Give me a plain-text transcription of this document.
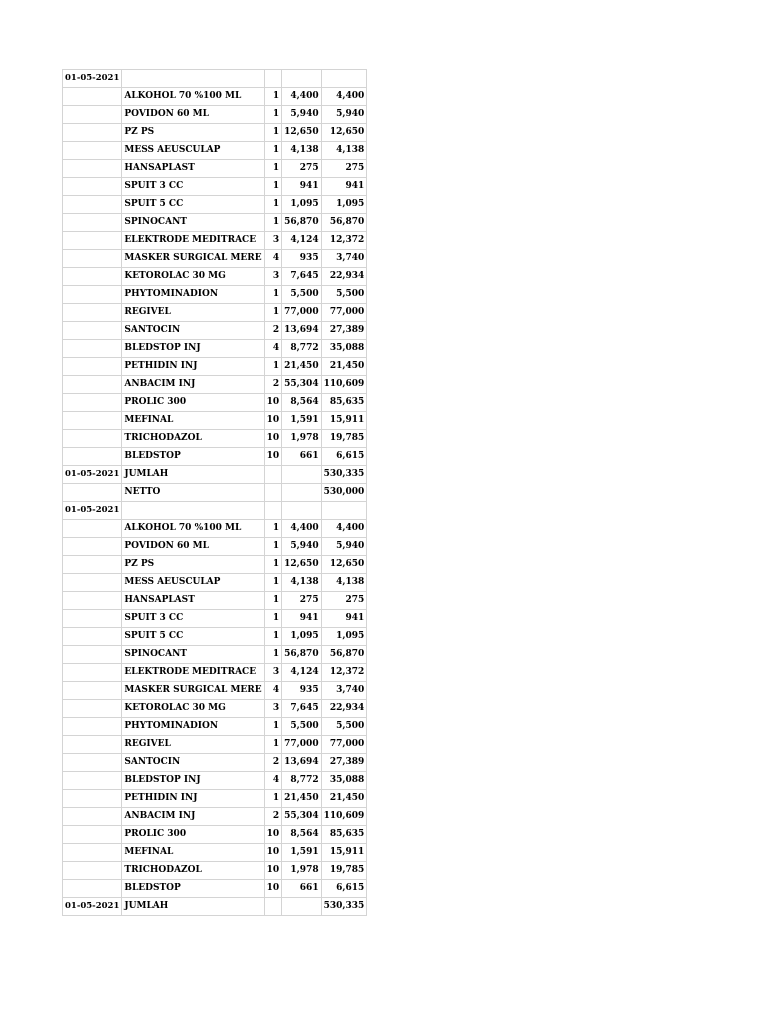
01-05-2021				
	ALKOHOL 70 %100 ML	1	4,400	4,400
	POVIDON 60 ML	1	5,940	5,940
	PZ PS	1	12,650	12,650
	MESS AEUSCULAP	1	4,138	4,138
	HANSAPLAST	1	275	275
	SPUIT 3 CC	1	941	941
	SPUIT 5 CC	1	1,095	1,095
	SPINOCANT	1	56,870	56,870
	ELEKTRODE MEDITRACE	3	4,124	12,372
	MASKER SURGICAL MERE	4	935	3,740
	KETOROLAC 30 MG	3	7,645	22,934
	PHYTOMINADION	1	5,500	5,500
	REGIVEL	1	77,000	77,000
	SANTOCIN	2	13,694	27,389
	BLEDSTOP INJ	4	8,772	35,088
	PETHIDIN INJ	1	21,450	21,450
	ANBACIM INJ	2	55,304	110,609
	PROLIC 300	10	8,564	85,635
	MEFINAL	10	1,591	15,911
	TRICHODAZOL	10	1,978	19,785
	BLEDSTOP	10	661	6,615
01-05-2021	JUMLAH			530,335
	NETTO			530,000
01-05-2021				
	ALKOHOL 70 %100 ML	1	4,400	4,400
	POVIDON 60 ML	1	5,940	5,940
	PZ PS	1	12,650	12,650
	MESS AEUSCULAP	1	4,138	4,138
	HANSAPLAST	1	275	275
	SPUIT 3 CC	1	941	941
	SPUIT 5 CC	1	1,095	1,095
	SPINOCANT	1	56,870	56,870
	ELEKTRODE MEDITRACE	3	4,124	12,372
	MASKER SURGICAL MERE	4	935	3,740
	KETOROLAC 30 MG	3	7,645	22,934
	PHYTOMINADION	1	5,500	5,500
	REGIVEL	1	77,000	77,000
	SANTOCIN	2	13,694	27,389
	BLEDSTOP INJ	4	8,772	35,088
	PETHIDIN INJ	1	21,450	21,450
	ANBACIM INJ	2	55,304	110,609
	PROLIC 300	10	8,564	85,635
	MEFINAL	10	1,591	15,911
	TRICHODAZOL	10	1,978	19,785
	BLEDSTOP	10	661	6,615
01-05-2021	JUMLAH			530,335
